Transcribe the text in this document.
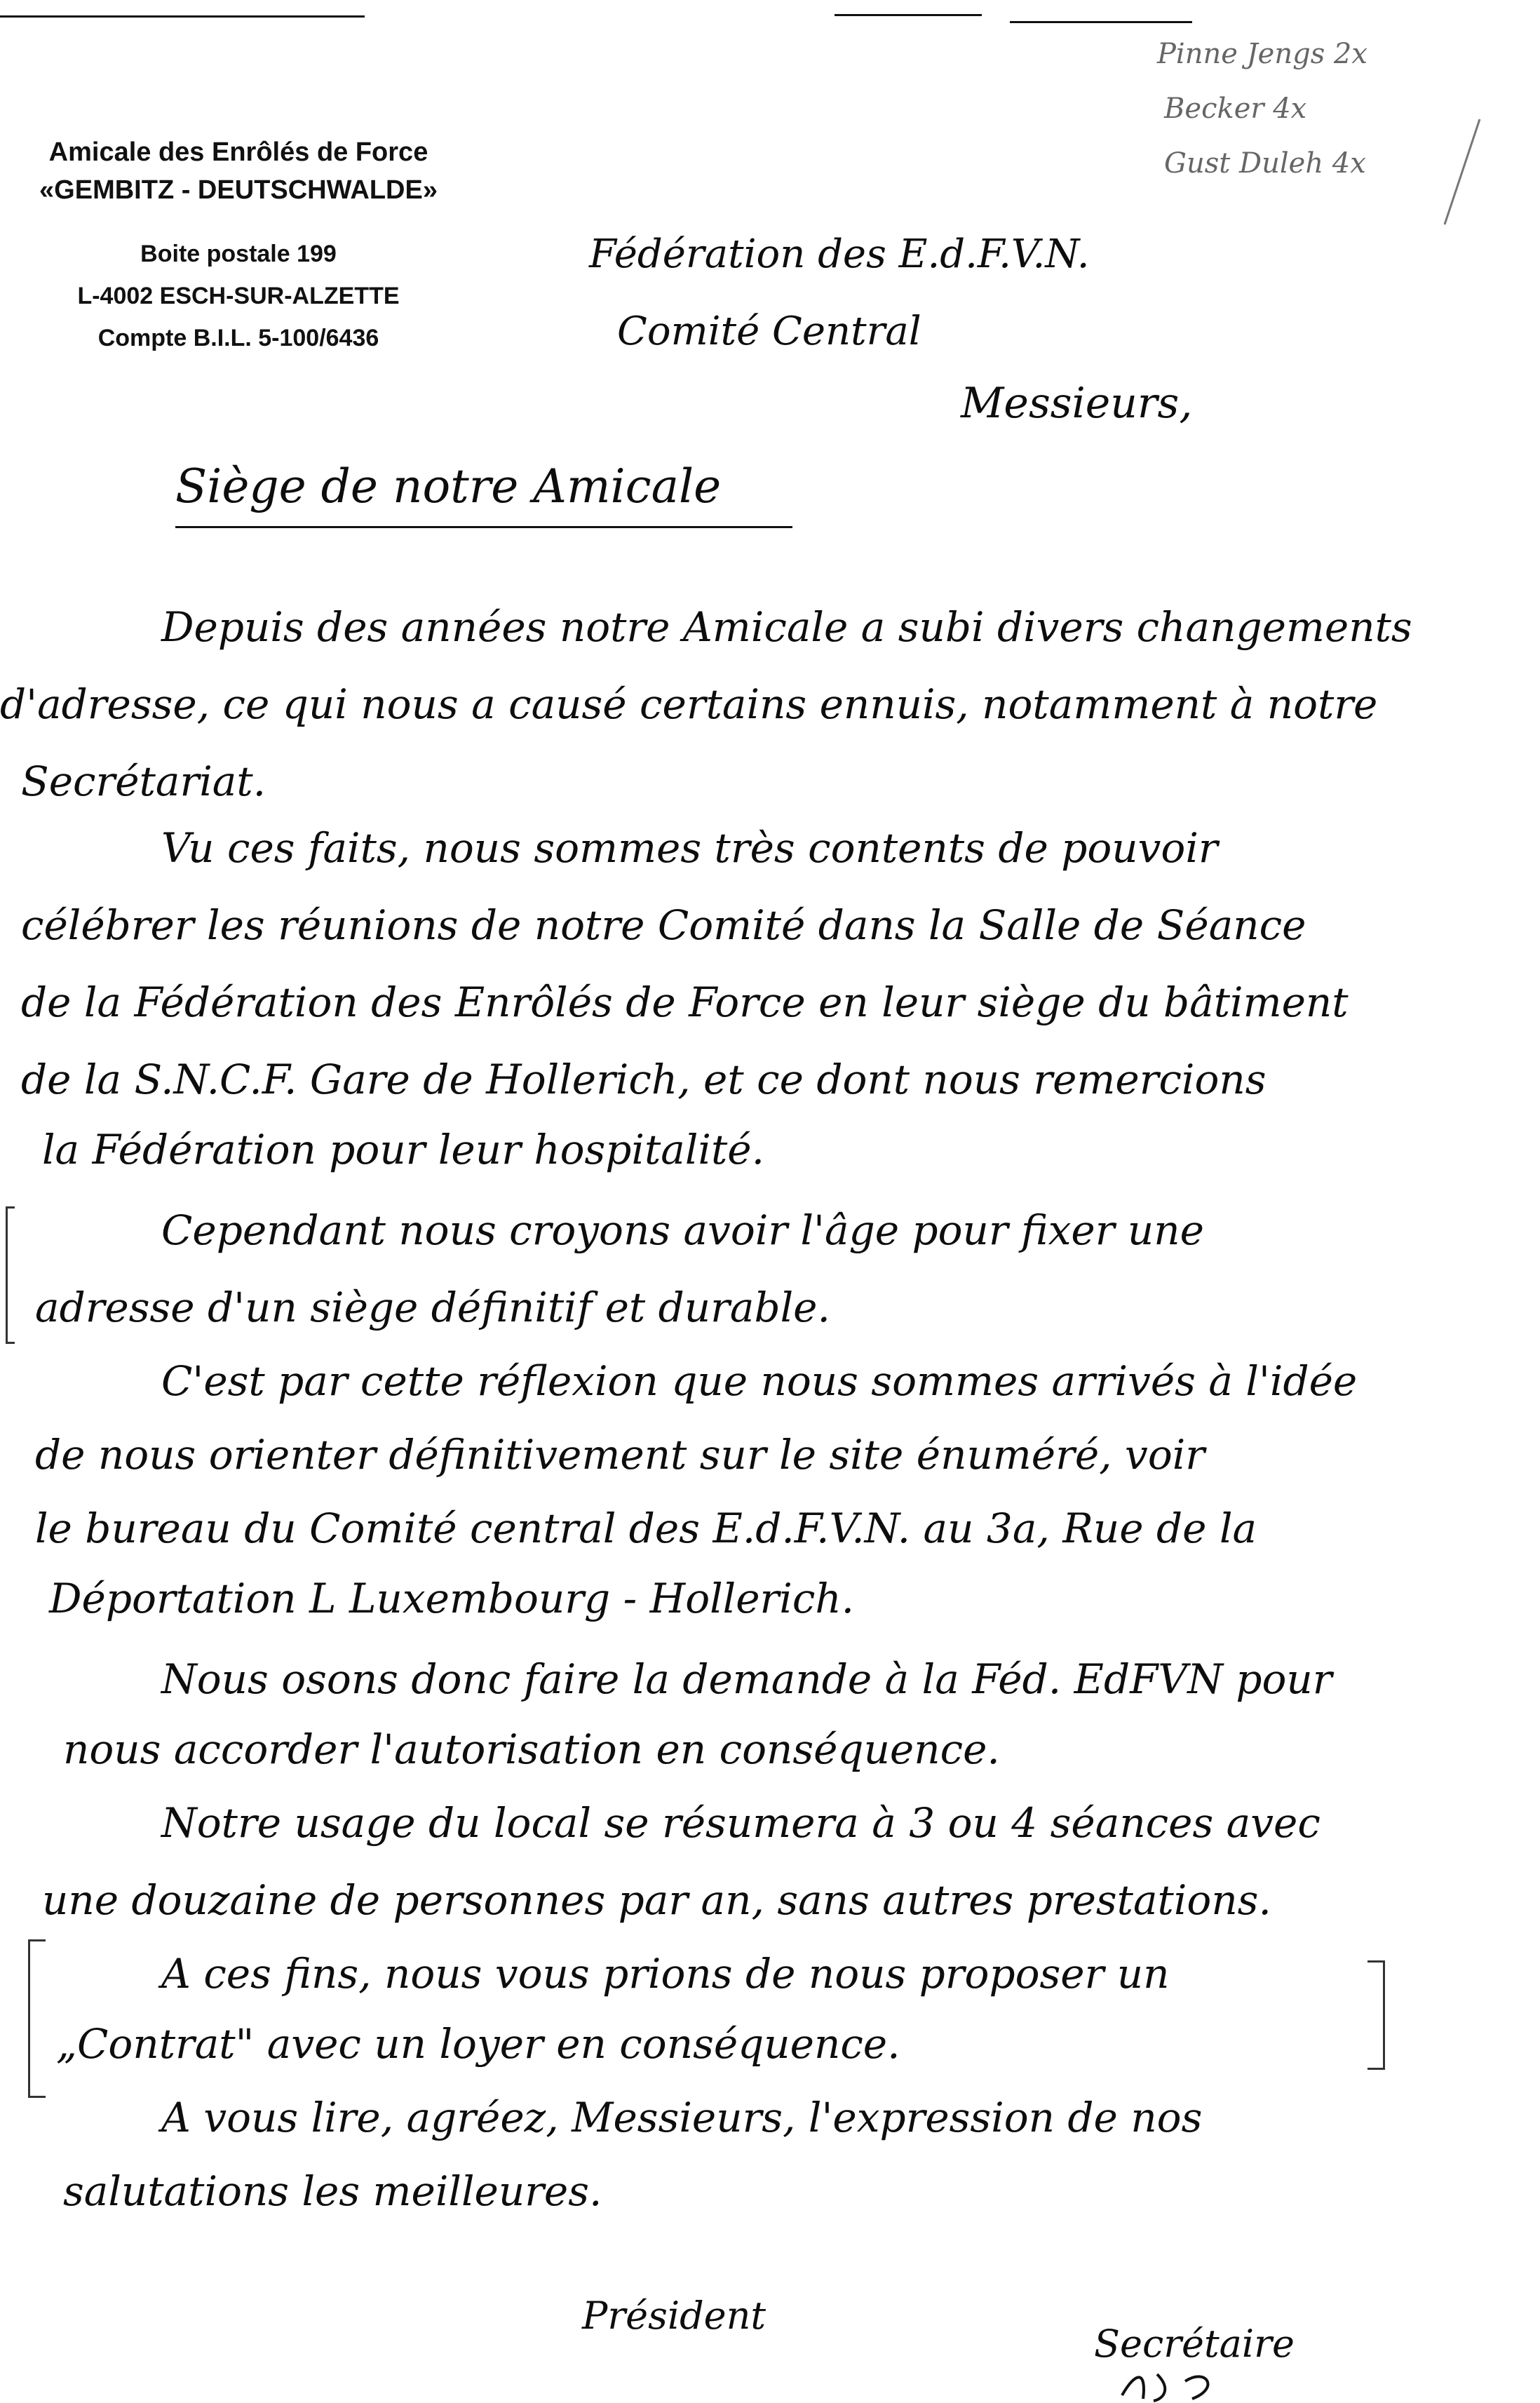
Amicale des Enrôlés de Force
«GEMBITZ - DEUTSCHWALDE»
Boite postale 199
L-4002 ESCH-SUR-ALZETTE
Compte B.I.L. 5-100/6436
Pinne Jengs 2x
Becker 4x
Gust Duleh 4x
Fédération des E.d.F.V.N.
Comité Central
Messieurs,
Siège de notre Amicale
Depuis des années notre Amicale a subi divers changements
d'adresse, ce qui nous a causé certains ennuis, notamment à notre
Secrétariat.
Vu ces faits, nous sommes très contents de pouvoir
célébrer les réunions de notre Comité dans la Salle de Séance
de la Fédération des Enrôlés de Force en leur siège du bâtiment
de la S.N.C.F. Gare de Hollerich, et ce dont nous remercions
la Fédération pour leur hospitalité.
Cependant nous croyons avoir l'âge pour fixer une
adresse d'un siège définitif et durable.
C'est par cette réflexion que nous sommes arrivés à l'idée
de nous orienter définitivement sur le site énuméré, voir
le bureau du Comité central des E.d.F.V.N. au 3a, Rue de la
Déportation L Luxembourg - Hollerich.
Nous osons donc faire la demande à la Féd. EdFVN pour
nous accorder l'autorisation en conséquence.
Notre usage du local se résumera à 3 ou 4 séances avec
une douzaine de personnes par an, sans autres prestations.
A ces fins, nous vous prions de nous proposer un
„Contrat" avec un loyer en conséquence.
A vous lire, agréez, Messieurs, l'expression de nos
salutations les meilleures.
Président
Secrétaire
